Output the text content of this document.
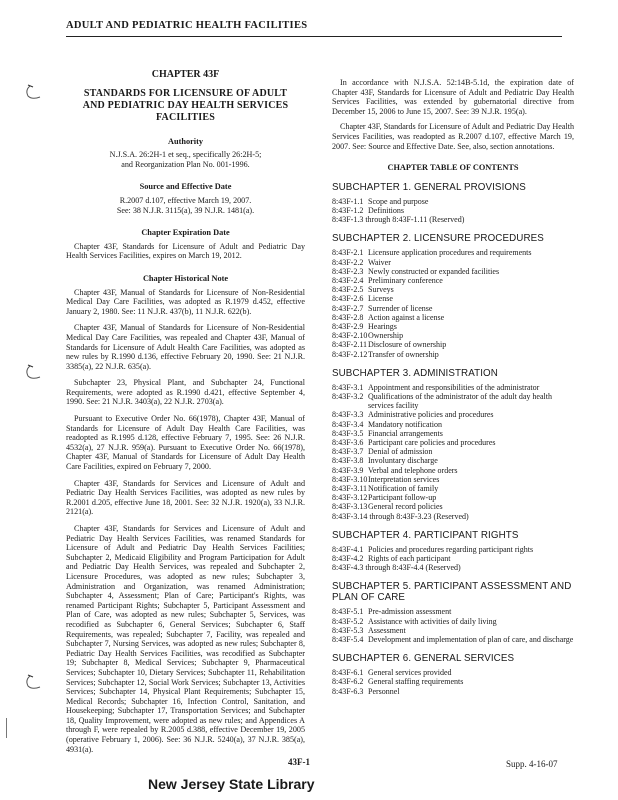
ADULT AND PEDIATRIC HEALTH FACILITIES
CHAPTER 43F
STANDARDS FOR LICENSURE OF ADULT AND PEDIATRIC DAY HEALTH SERVICES FACILITIES
Authority
N.J.S.A. 26:2H-1 et seq., specifically 26:2H-5;
and Reorganization Plan No. 001-1996.
Source and Effective Date
R.2007 d.107, effective March 19, 2007.
See: 38 N.J.R. 3115(a), 39 N.J.R. 1481(a).
Chapter Expiration Date

Chapter 43F, Standards for Licensure of Adult and Pediatric Day Health Services Facilities, expires on March 19, 2012.

Chapter Historical Note

Chapter 43F, Manual of Standards for Licensure of Non-Residential Medical Day Care Facilities, was adopted as R.1979 d.452, effective January 2, 1980. See: 11 N.J.R. 437(b), 11 N.J.R. 622(b).

Chapter 43F, Manual of Standards for Licensure of Non-Residential Medical Day Care Facilities, was repealed and Chapter 43F, Manual of Standards for Licensure of Adult Health Care Facilities, was adopted as new rules by R.1990 d.136, effective February 20, 1990. See: 21 N.J.R. 3385(a), 22 N.J.R. 635(a).

Subchapter 23, Physical Plant, and Subchapter 24, Functional Requirements, were adopted as R.1990 d.421, effective September 4, 1990. See: 21 N.J.R. 3403(a), 22 N.J.R. 2703(a).

Pursuant to Executive Order No. 66(1978), Chapter 43F, Manual of Standards for Licensure of Adult Day Health Care Facilities, was readopted as R.1995 d.128, effective February 7, 1995. See: 26 N.J.R. 4532(a), 27 N.J.R. 959(a). Pursuant to Executive Order No. 66(1978), Chapter 43F, Manual of Standards for Licensure of Adult Day Health Care Facilities, expired on February 7, 2000.

Chapter 43F, Standards for Services and Licensure of Adult and Pediatric Day Health Services Facilities, was adopted as new rules by R.2001 d.205, effective June 18, 2001. See: 32 N.J.R. 1920(a), 33 N.J.R. 2121(a).

Chapter 43F, Standards for Services and Licensure of Adult and Pediatric Day Health Services Facilities, was renamed Standards for Licensure of Adult and Pediatric Day Health Services Facilities; Subchapter 2, Medicaid Eligibility and Program Participation for Adult and Pediatric Day Health Services, was repealed and Subchapter 2, Licensure Procedures, was adopted as new rules; Subchapter 3, Administration and Organization, was renamed Administration; Subchapter 4, Assessment; Plan of Care; Participant's Rights, was renamed Participant Rights; Subchapter 5, Participant Assessment and Plan of Care, was adopted as new rules; Subchapter 5, Services, was recodified as Subchapter 6, General Services; Subchapter 6, Staff Requirements, was repealed; Subchapter 7, Facility, was repealed and Subchapter 7, Nursing Services, was adopted as new rules; Subchapter 8, Pediatric Day Health Services Facilities, was recodified as Subchapter 19; Subchapter 8, Medical Services; Subchapter 9, Pharmaceutical Services; Subchapter 10, Dietary Services; Subchapter 11, Rehabilitation Services; Subchapter 12, Social Work Services; Subchapter 13, Activities Services; Subchapter 14, Physical Plant Requirements; Subchapter 15, Medical Records; Subchapter 16, Infection Control, Sanitation, and Housekeeping; Subchapter 17, Transportation Services; and Subchapter 18, Quality Improvement, were adopted as new rules; and Appendices A through F, were repealed by R.2005 d.388, effective December 19, 2005 (operative February 1, 2006). See: 36 N.J.R. 5240(a), 37 N.J.R. 385(a), 4931(a).

In accordance with N.J.S.A. 52:14B-5.1d, the expiration date of Chapter 43F, Standards for Licensure of Adult and Pediatric Day Health Services Facilities, was extended by gubernatorial directive from December 15, 2006 to June 15, 2007. See: 39 N.J.R. 195(a).

Chapter 43F, Standards for Licensure of Adult and Pediatric Day Health Services Facilities, was readopted as R.2007 d.107, effective March 19, 2007. See: Source and Effective Date. See, also, section annotations.

CHAPTER TABLE OF CONTENTS
SUBCHAPTER 1. GENERAL PROVISIONS
8:43F-1.1 Scope and purpose
8:43F-1.2 Definitions
8:43F-1.3 through 8:43F-1.11 (Reserved)
SUBCHAPTER 2. LICENSURE PROCEDURES
8:43F-2.1 Licensure application procedures and requirements
8:43F-2.2 Waiver
8:43F-2.3 Newly constructed or expanded facilities
8:43F-2.4 Preliminary conference
8:43F-2.5 Surveys
8:43F-2.6 License
8:43F-2.7 Surrender of license
8:43F-2.8 Action against a license
8:43F-2.9 Hearings
8:43F-2.10 Ownership
8:43F-2.11 Disclosure of ownership
8:43F-2.12 Transfer of ownership
SUBCHAPTER 3. ADMINISTRATION
8:43F-3.1 Appointment and responsibilities of the administrator
8:43F-3.2 Qualifications of the administrator of the adult day health services facility
8:43F-3.3 Administrative policies and procedures
8:43F-3.4 Mandatory notification
8:43F-3.5 Financial arrangements
8:43F-3.6 Participant care policies and procedures
8:43F-3.7 Denial of admission
8:43F-3.8 Involuntary discharge
8:43F-3.9 Verbal and telephone orders
8:43F-3.10 Interpretation services
8:43F-3.11 Notification of family
8:43F-3.12 Participant follow-up
8:43F-3.13 General record policies
8:43F-3.14 through 8:43F-3.23 (Reserved)
SUBCHAPTER 4. PARTICIPANT RIGHTS
8:43F-4.1 Policies and procedures regarding participant rights
8:43F-4.2 Rights of each participant
8:43F-4.3 through 8:43F-4.4 (Reserved)
SUBCHAPTER 5. PARTICIPANT ASSESSMENT AND PLAN OF CARE
8:43F-5.1 Pre-admission assessment
8:43F-5.2 Assistance with activities of daily living
8:43F-5.3 Assessment
8:43F-5.4 Development and implementation of plan of care, and discharge
SUBCHAPTER 6. GENERAL SERVICES
8:43F-6.1 General services provided
8:43F-6.2 General staffing requirements
8:43F-6.3 Personnel
43F-1	Supp. 4-16-07
New Jersey State Library
